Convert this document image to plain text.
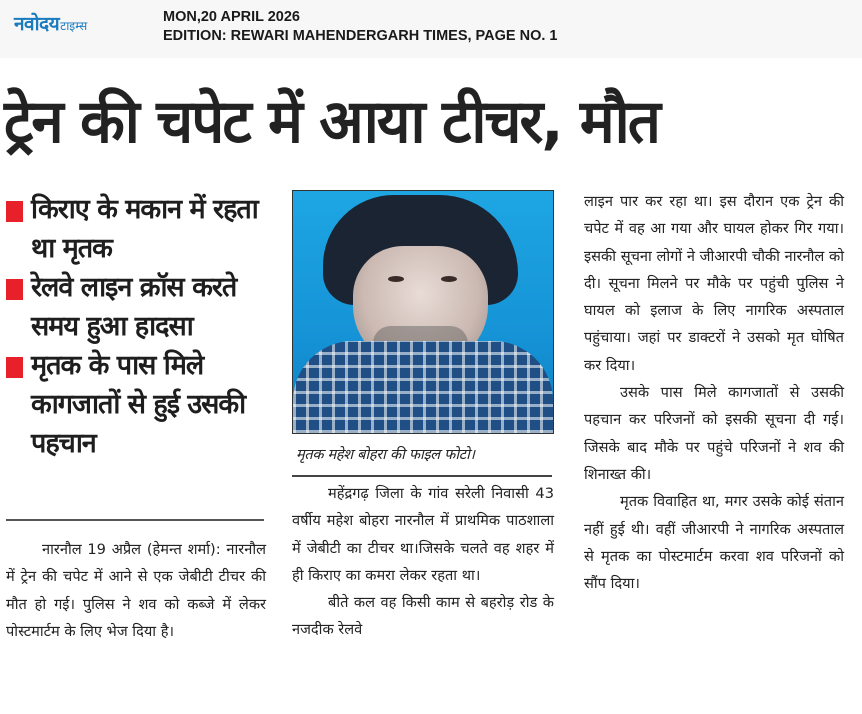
नवोदय टाइम्स
MON,20 APRIL 2026
EDITION: REWARI MAHENDERGARH TIMES, PAGE NO. 1
ट्रेन की चपेट में आया टीचर, मौत
किराए के मकान में रहता था मृतक
रेलवे लाइन क्रॉस करते समय हुआ हादसा
मृतक के पास मिले कागजातों से हुई उसकी पहचान

नारनौल 19 अप्रैल (हेमन्त शर्मा): नारनौल में ट्रेन की चपेट में आने से एक जेबीटी टीचर की मौत हो गई। पुलिस ने शव को कब्जे में लेकर पोस्टमार्टम के लिए भेज दिया है।

मृतक महेश बोहरा की फाइल फोटो।

महेंद्रगढ़ जिला के गांव सरेली निवासी 43 वर्षीय महेश बोहरा नारनौल में प्राथमिक पाठशाला में जेबीटी का टीचर था।जिसके चलते वह शहर में ही किराए का कमरा लेकर रहता था।

बीते कल वह किसी काम से बहरोड़ रोड के नजदीक रेलवे

लाइन पार कर रहा था। इस दौरान एक ट्रेन की चपेट में वह आ गया और घायल होकर गिर गया। इसकी सूचना लोगों ने जीआरपी चौकी नारनौल को दी। सूचना मिलने पर मौके पर पहुंची पुलिस ने घायल को इलाज के लिए नागरिक अस्पताल पहुंचाया। जहां पर डाक्टरों ने उसको मृत घोषित कर दिया।

उसके पास मिले कागजातों से उसकी पहचान कर परिजनों को इसकी सूचना दी गई। जिसके बाद मौके पर पहुंचे परिजनों ने शव की शिनाख्त की।

मृतक विवाहित था, मगर उसके कोई संतान नहीं हुई थी। वहीं जीआरपी ने नागरिक अस्पताल से मृतक का पोस्टमार्टम करवा शव परिजनों को सौंप दिया।
